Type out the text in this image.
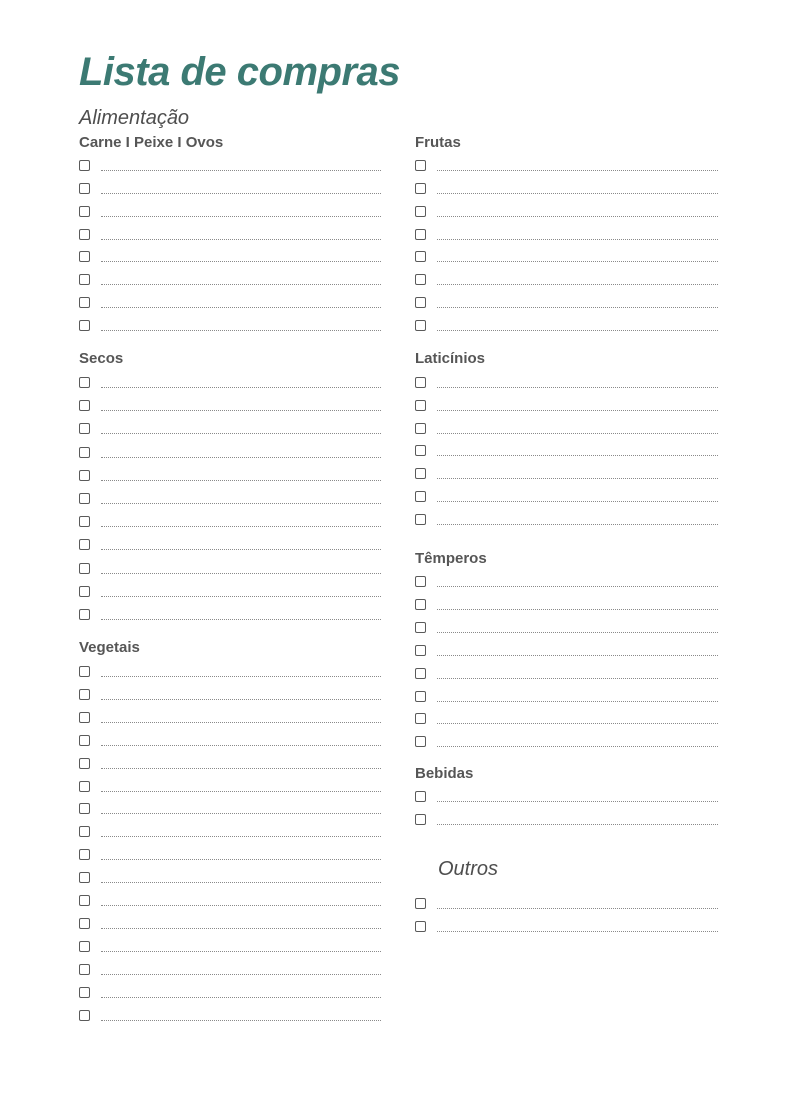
Lista de compras
Alimentação
Carne I Peixe I Ovos
Secos
Vegetais
Frutas
Laticínios
Têmperos
Bebidas
Outros
